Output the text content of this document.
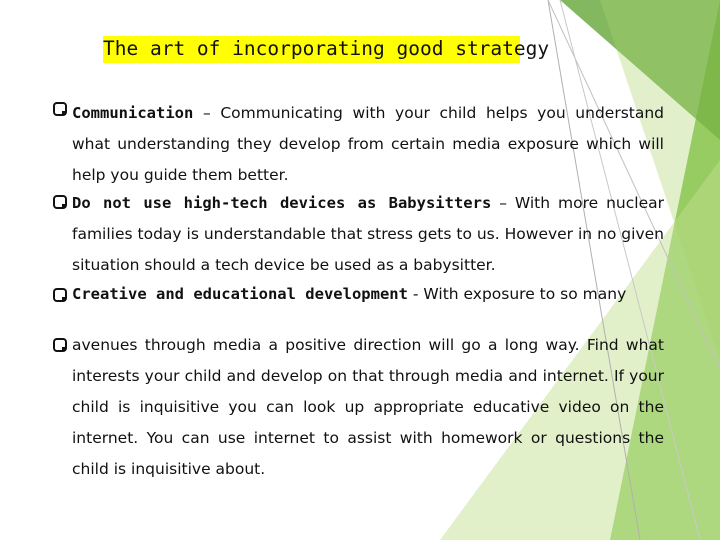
The art of incorporating good strategy
Communication – Communicating with your child helps you understand what understanding they develop from certain media exposure which will help you guide them better.
Do not use high-tech devices as Babysitters – With more nuclear families today is understandable that stress gets to us. However in no given situation should a tech device be used as a babysitter.
Creative and educational development - With exposure to so many
avenues through media a positive direction will go a long way. Find what interests your child and develop on that through media and internet. If your child is inquisitive you can look up appropriate educative video on the internet. You can use internet to assist with homework or questions the child is inquisitive about.
